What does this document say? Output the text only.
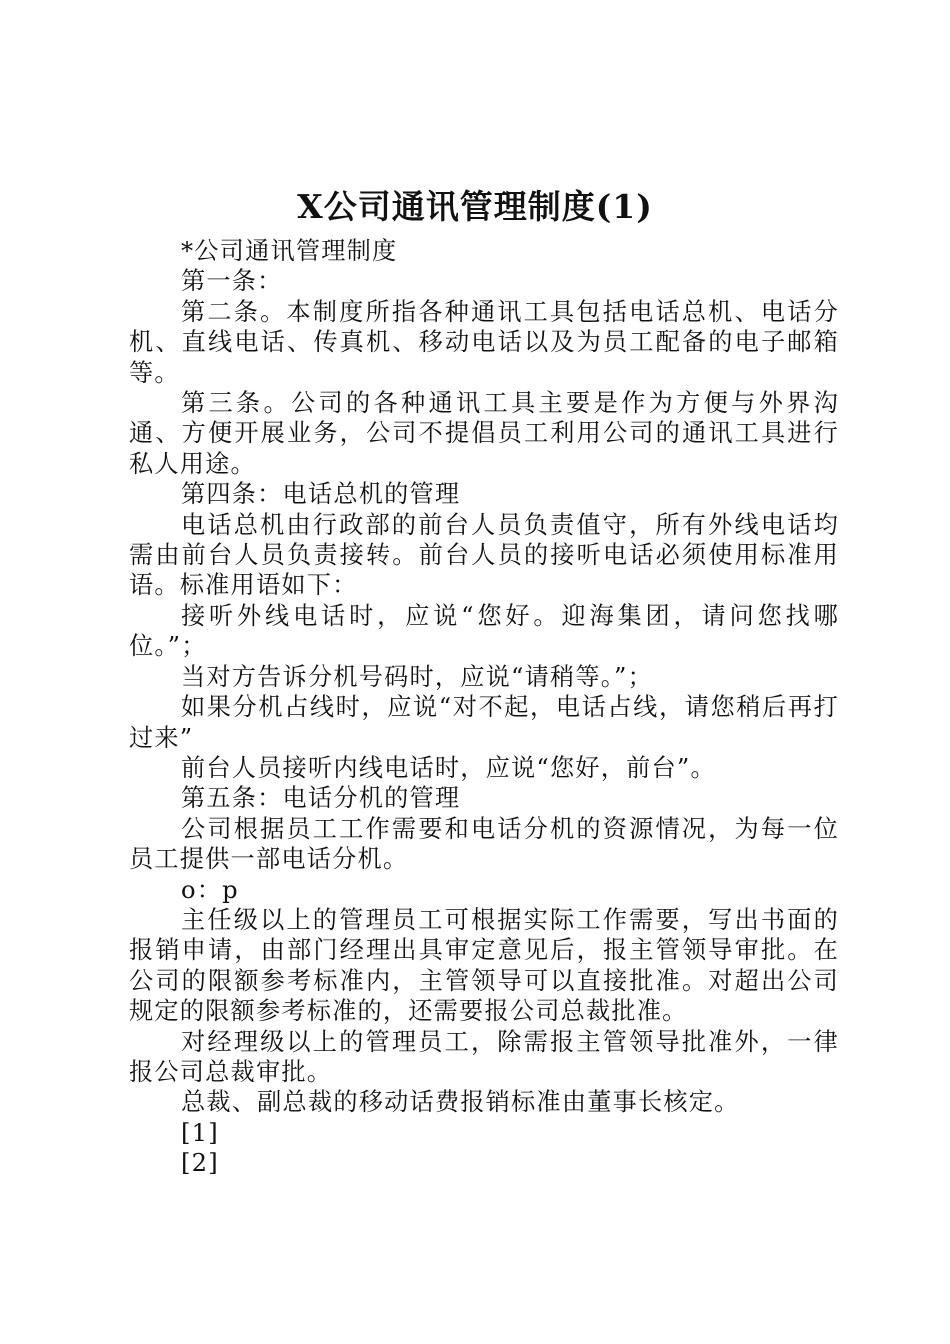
X公司通讯管理制度(1)

*公司通讯管理制度

第一条：

第二条。本制度所指各种通讯工具包括电话总机、电话分机、直线电话、传真机、移动电话以及为员工配备的电子邮箱等。

第三条。公司的各种通讯工具主要是作为方便与外界沟通、方便开展业务，公司不提倡员工利用公司的通讯工具进行私人用途。

第四条：电话总机的管理

电话总机由行政部的前台人员负责值守，所有外线电话均需由前台人员负责接转。前台人员的接听电话必须使用标准用语。标准用语如下：

接听外线电话时，应说“您好。迎海集团，请问您找哪位。”；

当对方告诉分机号码时，应说“请稍等。”；

如果分机占线时，应说“对不起，电话占线，请您稍后再打过来”

前台人员接听内线电话时，应说“您好，前台”。

第五条：电话分机的管理

公司根据员工工作需要和电话分机的资源情况，为每一位员工提供一部电话分机。

o：p

主任级以上的管理员工可根据实际工作需要，写出书面的报销申请，由部门经理出具审定意见后，报主管领导审批。在公司的限额参考标准内，主管领导可以直接批准。对超出公司规定的限额参考标准的，还需要报公司总裁批准。

对经理级以上的管理员工，除需报主管领导批准外，一律报公司总裁审批。

总裁、副总裁的移动话费报销标准由董事长核定。

[1]

[2]
